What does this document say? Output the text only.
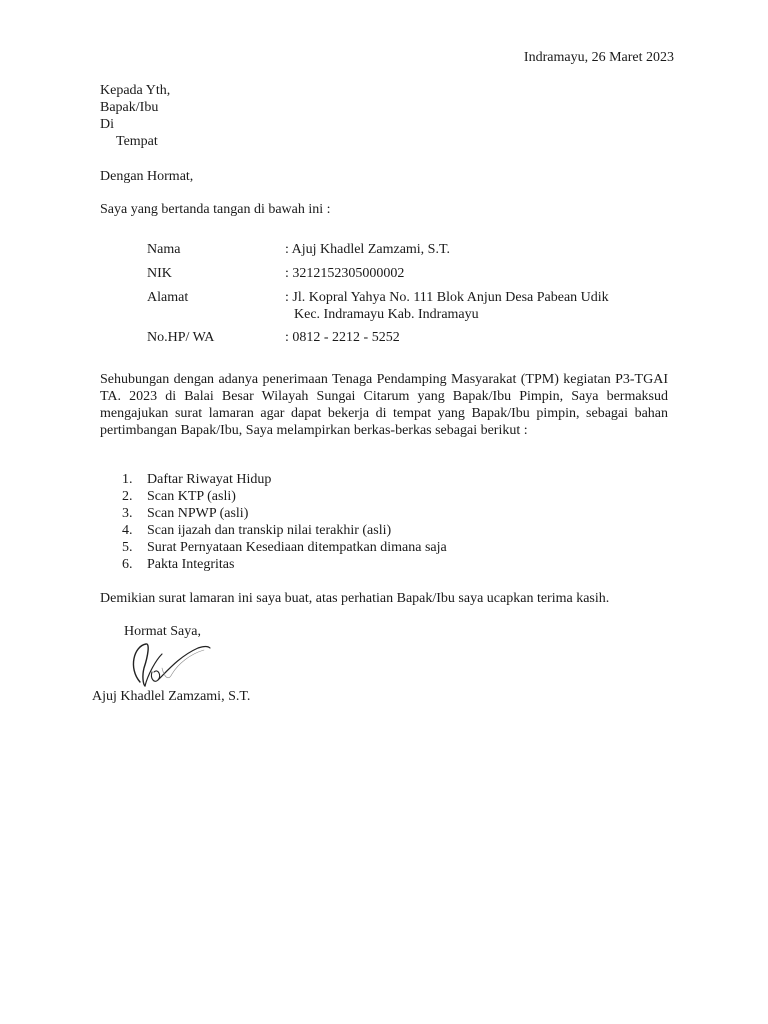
Indramayu, 26 Maret 2023
Kepada Yth,
Bapak/Ibu
Di
Tempat
Dengan Hormat,
Saya yang bertanda tangan di bawah ini :
Nama	: Ajuj Khadlel Zamzami, S.T.
NIK	: 3212152305000002
Alamat	: Jl. Kopral Yahya No. 111 Blok Anjun Desa Pabean Udik
Kec. Indramayu Kab. Indramayu
No.HP/ WA	: 0812 - 2212 - 5252
Sehubungan dengan adanya penerimaan Tenaga Pendamping Masyarakat (TPM) kegiatan P3-TGAI TA. 2023 di Balai Besar Wilayah Sungai Citarum yang Bapak/Ibu Pimpin, Saya bermaksud mengajukan surat lamaran agar dapat bekerja di tempat yang Bapak/Ibu pimpin, sebagai bahan pertimbangan Bapak/Ibu, Saya melampirkan berkas-berkas sebagai berikut :
1. Daftar Riwayat Hidup
2. Scan KTP (asli)
3. Scan NPWP (asli)
4. Scan ijazah dan transkip nilai terakhir (asli)
5. Surat Pernyataan Kesediaan ditempatkan dimana saja
6. Pakta Integritas
Demikian surat lamaran ini saya buat, atas perhatian Bapak/Ibu saya ucapkan terima kasih.
Hormat Saya,
Ajuj Khadlel Zamzami, S.T.
